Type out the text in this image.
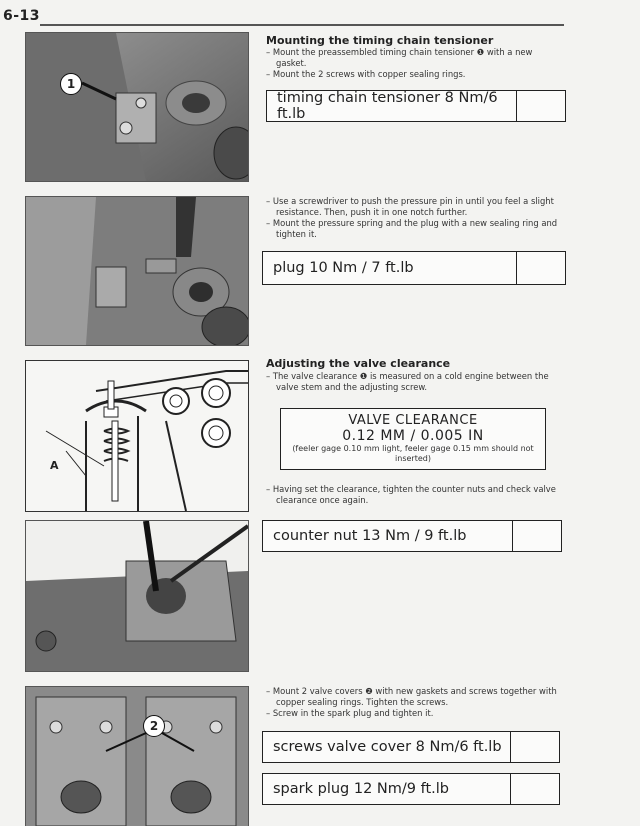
6-13
1
Mounting the timing chain tensioner

– Mount the preassembled timing chain tensioner ❶ with a new gasket.

– Mount the 2 screws with copper sealing rings.

timing chain tensioner 8 Nm/6 ft.lb

– Use a screwdriver to push the pressure pin in until you feel a slight resistance. Then, push it in one notch further.

– Mount the pressure spring and the plug with a new sealing ring and tighten it.

plug 10 Nm / 7 ft.lb
A
Adjusting the valve clearance

– The valve clearance ❶ is measured on a cold engine between the valve stem and the adjusting screw.

VALVE CLEARANCE
0.12 MM / 0.005 IN
(feeler gage 0.10 mm light, feeler gage 0.15 mm should not inserted)

– Having set the clearance, tighten the counter nuts and check valve clearance once again.

counter nut 13 Nm / 9 ft.lb
2

– Mount 2 valve covers ❷ with new gaskets and screws together with copper sealing rings. Tighten the screws.

– Screw in the spark plug and tighten it.

screws valve cover 8 Nm/6 ft.lb
spark plug 12 Nm/9 ft.lb
